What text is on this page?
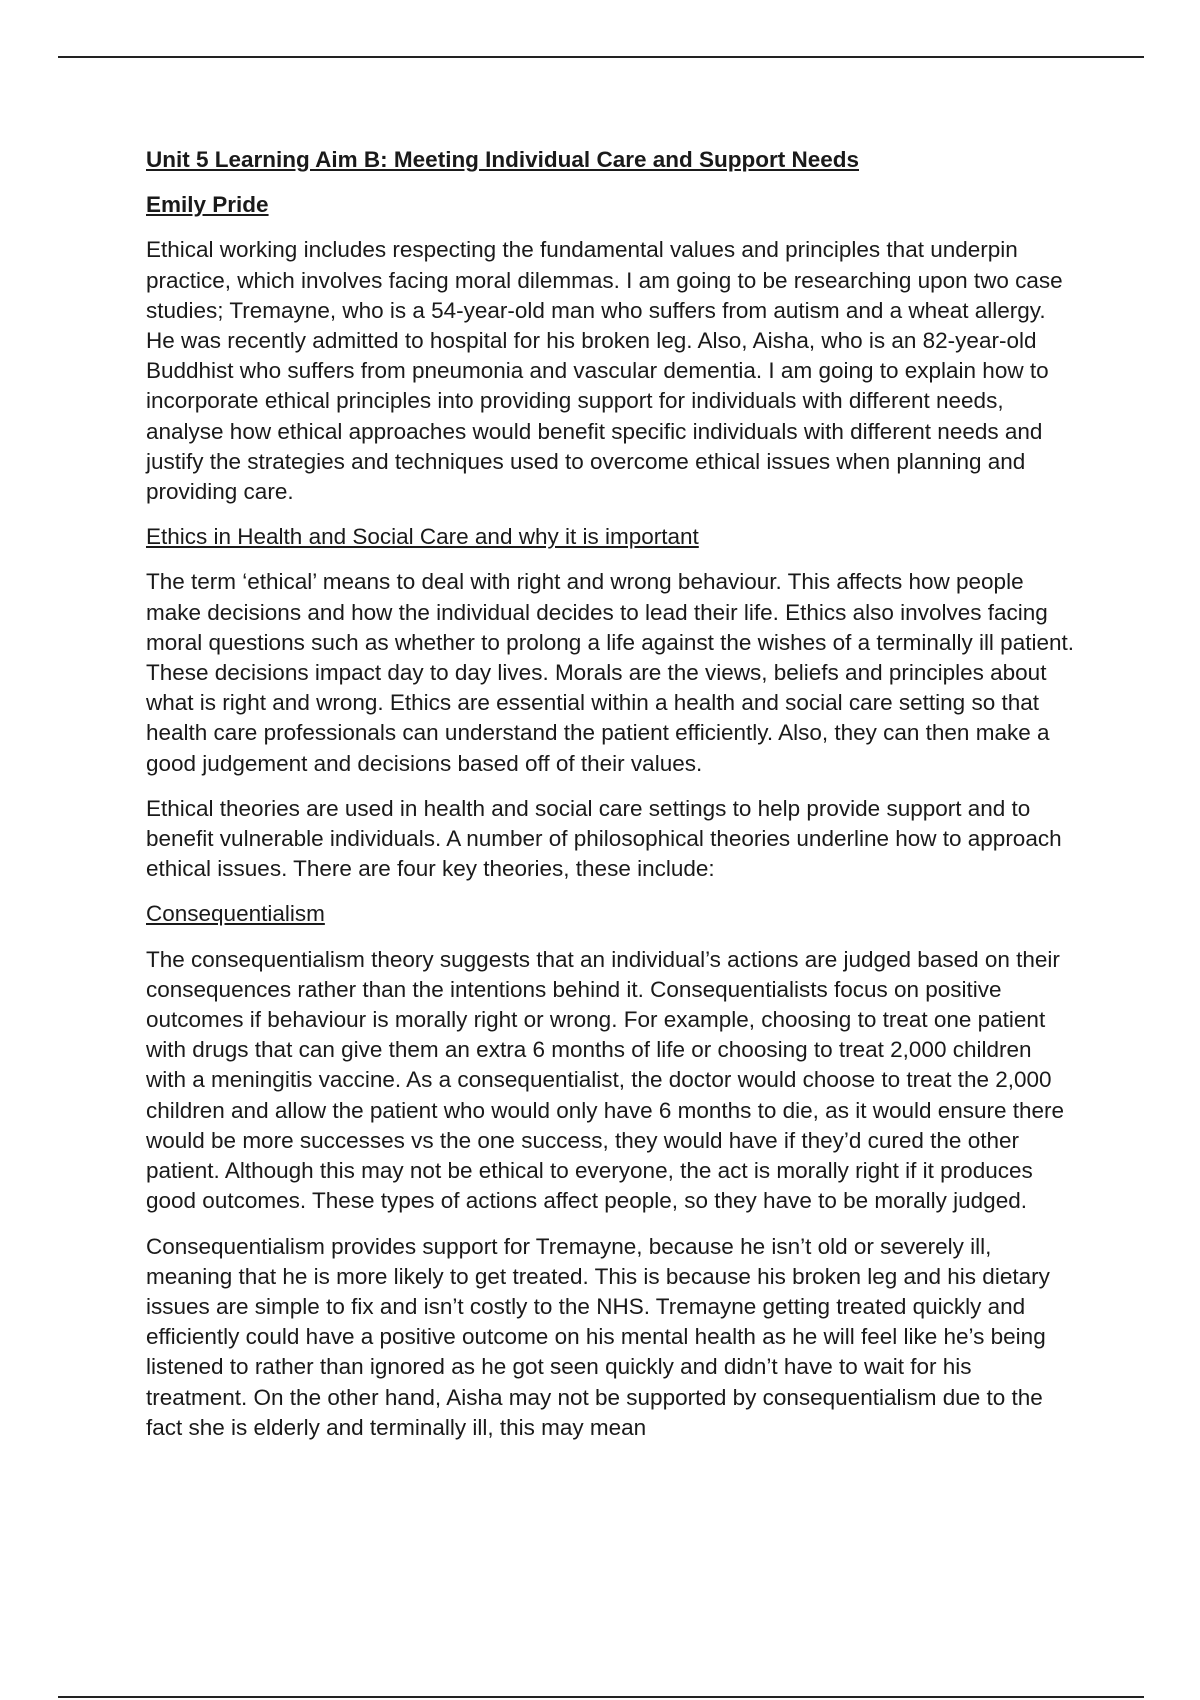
Unit 5 Learning Aim B: Meeting Individual Care and Support Needs

Emily Pride

Ethical working includes respecting the fundamental values and principles that underpin practice, which involves facing moral dilemmas. I am going to be researching upon two case studies; Tremayne, who is a 54-year-old man who suffers from autism and a wheat allergy. He was recently admitted to hospital for his broken leg. Also, Aisha, who is an 82-year-old Buddhist who suffers from pneumonia and vascular dementia. I am going to explain how to incorporate ethical principles into providing support for individuals with different needs, analyse how ethical approaches would benefit specific individuals with different needs and justify the strategies and techniques used to overcome ethical issues when planning and providing care.

Ethics in Health and Social Care and why it is important

The term ‘ethical’ means to deal with right and wrong behaviour. This affects how people make decisions and how the individual decides to lead their life. Ethics also involves facing moral questions such as whether to prolong a life against the wishes of a terminally ill patient. These decisions impact day to day lives. Morals are the views, beliefs and principles about what is right and wrong. Ethics are essential within a health and social care setting so that health care professionals can understand the patient efficiently. Also, they can then make a good judgement and decisions based off of their values.

Ethical theories are used in health and social care settings to help provide support and to benefit vulnerable individuals. A number of philosophical theories underline how to approach ethical issues. There are four key theories, these include:

Consequentialism

The consequentialism theory suggests that an individual’s actions are judged based on their consequences rather than the intentions behind it. Consequentialists focus on positive outcomes if behaviour is morally right or wrong. For example, choosing to treat one patient with drugs that can give them an extra 6 months of life or choosing to treat 2,000 children with a meningitis vaccine. As a consequentialist, the doctor would choose to treat the 2,000 children and allow the patient who would only have 6 months to die, as it would ensure there would be more successes vs the one success, they would have if they’d cured the other patient. Although this may not be ethical to everyone, the act is morally right if it produces good outcomes. These types of actions affect people, so they have to be morally judged.

Consequentialism provides support for Tremayne, because he isn’t old or severely ill, meaning that he is more likely to get treated. This is because his broken leg and his dietary issues are simple to fix and isn’t costly to the NHS. Tremayne getting treated quickly and efficiently could have a positive outcome on his mental health as he will feel like he’s being listened to rather than ignored as he got seen quickly and didn’t have to wait for his treatment. On the other hand, Aisha may not be supported by consequentialism due to the fact she is elderly and terminally ill, this may mean
